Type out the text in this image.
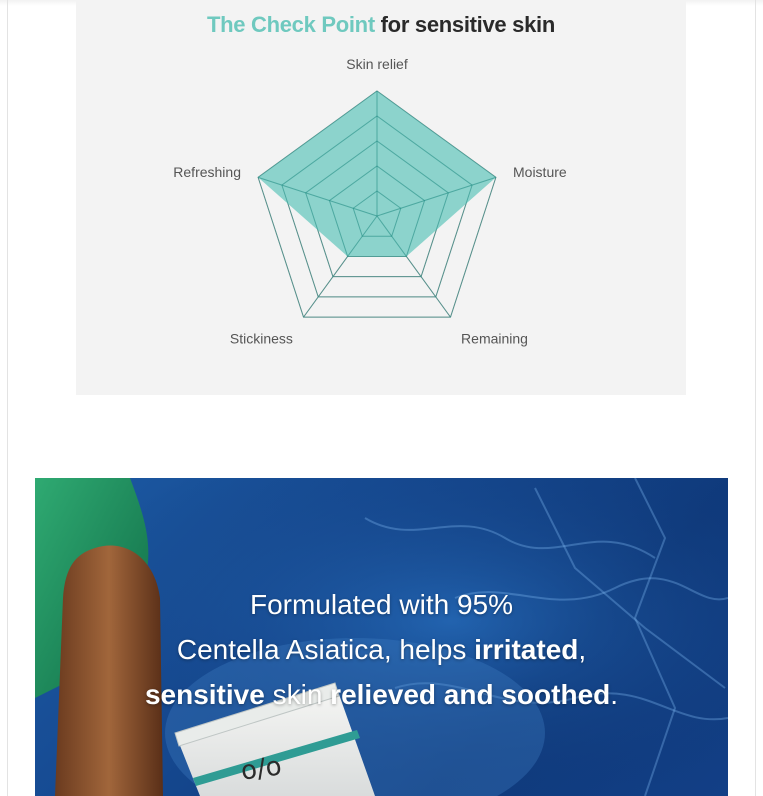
The Check Point for sensitive skin
Skin relief
Moisture
Remaining
Stickiness
Refreshing
Formulated with 95%
Centella Asiatica, helps irritated,
sensitive skin relieved and soothed.
o/o
